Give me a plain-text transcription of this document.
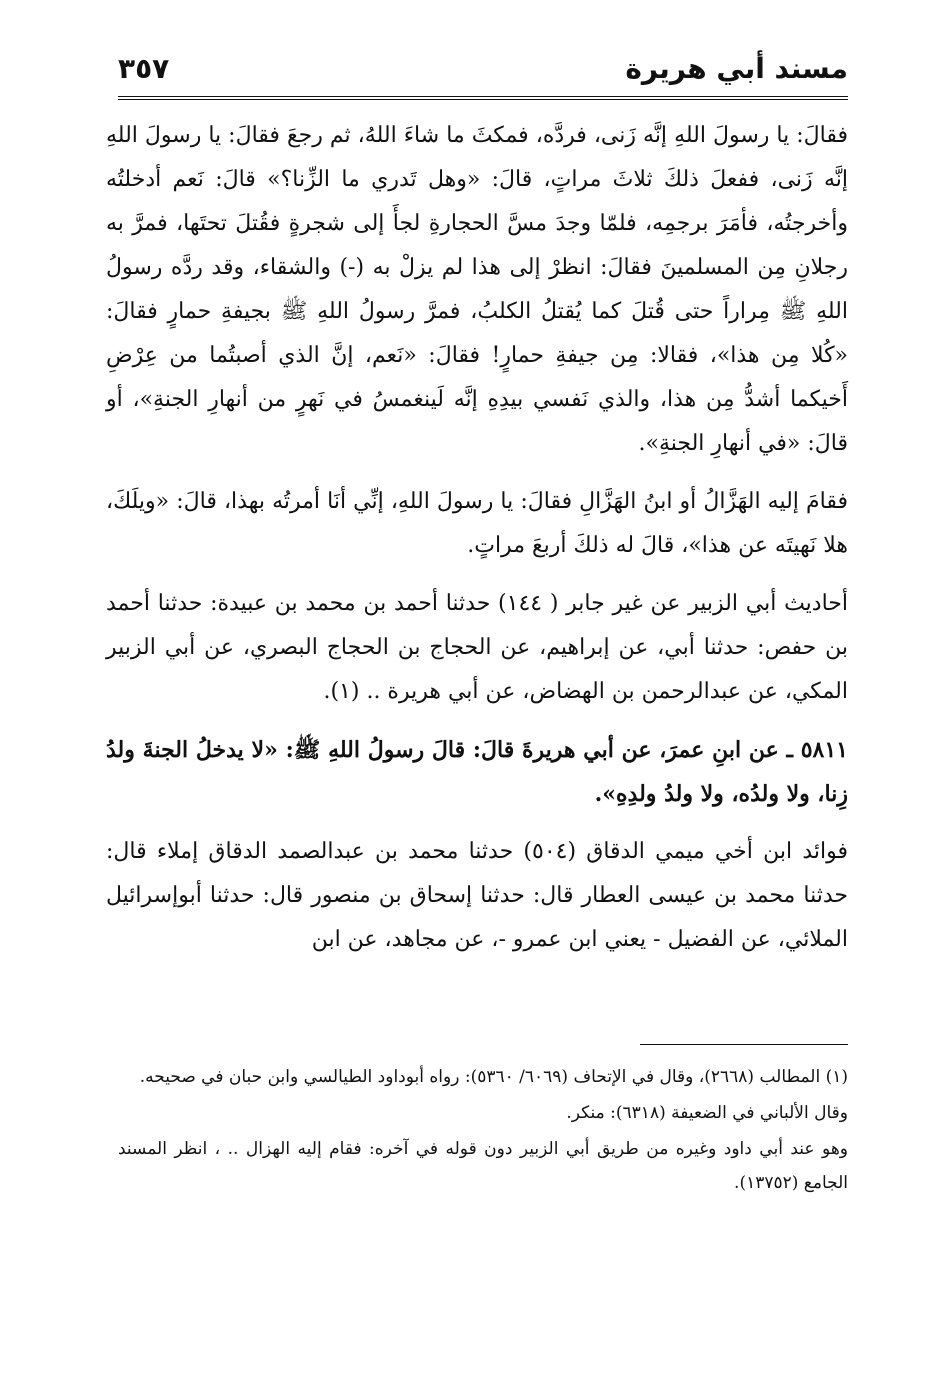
مسند أبي هريرة
٣٥٧

فقالَ: يا رسولَ اللهِ إنَّه زَنى، فردَّه، فمكثَ ما شاءَ اللهُ، ثم رجعَ فقالَ: يا رسولَ اللهِ إنَّه زَنى، ففعلَ ذلكَ ثلاثَ مراتٍ، قالَ: «وهل تَدري ما الزِّنا؟» قالَ: نَعم أدخلتُه وأخرجتُه، فأمَرَ برجمِه، فلمّا وجدَ مسَّ الحجارةِ لجأَ إلى شجرةٍ فقُتلَ تحتَها، فمرَّ به رجلانِ مِن المسلمينَ فقالَ: انظرْ إلى هذا لم يزلْ به (-) والشقاء، وقد ردَّه رسولُ اللهِ ﷺ مِراراً حتى قُتلَ كما يُقتلُ الكلبُ، فمرَّ رسولُ اللهِ ﷺ بجيفةِ حمارٍ فقالَ: «كُلا مِن هذا»، فقالا: مِن جيفةِ حمارٍ! فقالَ: «نَعم، إنَّ الذي أصبتُما من عِرْضِ أَخيكما أشدُّ مِن هذا، والذي نَفسي بيدِهِ إنَّه لَينغمسُ في نَهرٍ من أنهارِ الجنةِ»، أو قالَ: «في أنهارِ الجنةِ».

فقامَ إليه الهَزَّالُ أو ابنُ الهَزَّالِ فقالَ: يا رسولَ اللهِ، إنِّي أنَا أمرتُه بهذا، قالَ: «ويلَكَ، هلا نَهيتَه عن هذا»، قالَ له ذلكَ أربعَ مراتٍ.

أحاديث أبي الزبير عن غير جابر ( ١٤٤) حدثنا أحمد بن محمد بن عبيدة: حدثنا أحمد بن حفص: حدثنا أبي، عن إبراهيم، عن الحجاج بن الحجاج البصري، عن أبي الزبير المكي، عن عبدالرحمن بن الهضاض، عن أبي هريرة .. (١).

٥٨١١ ـ عن ابنِ عمرَ، عن أبي هريرةَ قالَ: قالَ رسولُ اللهِ ﷺ: «لا يدخلُ الجنةَ ولدُ زِنا، ولا ولدُه، ولا ولدُ ولدِهِ».

فوائد ابن أخي ميمي الدقاق (٥٠٤) حدثنا محمد بن عبدالصمد الدقاق إملاء قال: حدثنا محمد بن عيسى العطار قال: حدثنا إسحاق بن منصور قال: حدثنا أبوإسرائيل الملائي، عن الفضيل - يعني ابن عمرو -، عن مجاهد، عن ابن

(١) المطالب (٢٦٦٨)، وقال في الإتحاف (٦٠٦٩/ ٥٣٦٠): رواه أبوداود الطيالسي وابن حبان في صحيحه.

وقال الألباني في الضعيفة (٦٣١٨): منكر.

وهو عند أبي داود وغيره من طريق أبي الزبير دون قوله في آخره: فقام إليه الهزال .. ، انظر المسند الجامع (١٣٧٥٢).
